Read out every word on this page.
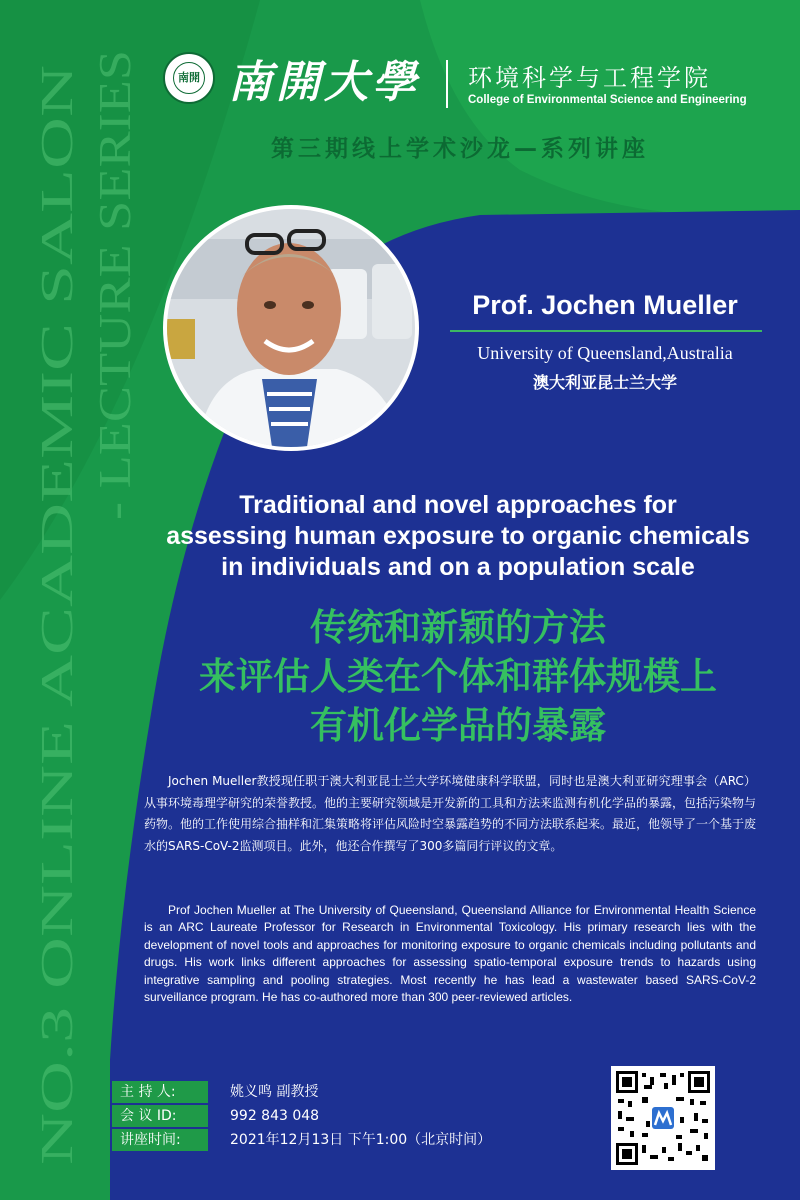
NO.3 ONLINE ACADEMIC SALON
- LECTURE SERIES
南開 南開大學 环境科学与工程学院
College of Environmental Science and Engineering
第三期线上学术沙龙—系列讲座
Prof. Jochen Mueller
University of Queensland,Australia
澳大利亚昆士兰大学
Traditional and novel approaches for
assessing human exposure to organic chemicals
in individuals and on a population scale
传统和新颖的方法
来评估人类在个体和群体规模上
有机化学品的暴露
Jochen Mueller教授现任职于澳大利亚昆士兰大学环境健康科学联盟，同时也是澳大利亚研究理事会（ARC）从事环境毒理学研究的荣誉教授。他的主要研究领域是开发新的工具和方法来监测有机化学品的暴露，包括污染物与药物。他的工作使用综合抽样和汇集策略将评估风险时空暴露趋势的不同方法联系起来。最近，他领导了一个基于废水的SARS-CoV-2监测项目。此外，他还合作撰写了300多篇同行评议的文章。
Prof Jochen Mueller at The University of Queensland, Queensland Alliance for Environmental Health Science is an ARC Laureate Professor for Research in Environmental Toxicology. His primary research lies with the development of novel tools and approaches for monitoring exposure to organic chemicals including pollutants and drugs. His work links different approaches for assessing spatio-temporal exposure trends to hazards using integrative sampling and pooling strategies. Most recently he has lead a wastewater based SARS-CoV-2 surveillance program. He has co-authored more than 300 peer-reviewed articles.
主 持 人:	姚义鸣 副教授
会 议 ID:	992 843 048
讲座时间:	2021年12月13日 下午1:00（北京时间）
